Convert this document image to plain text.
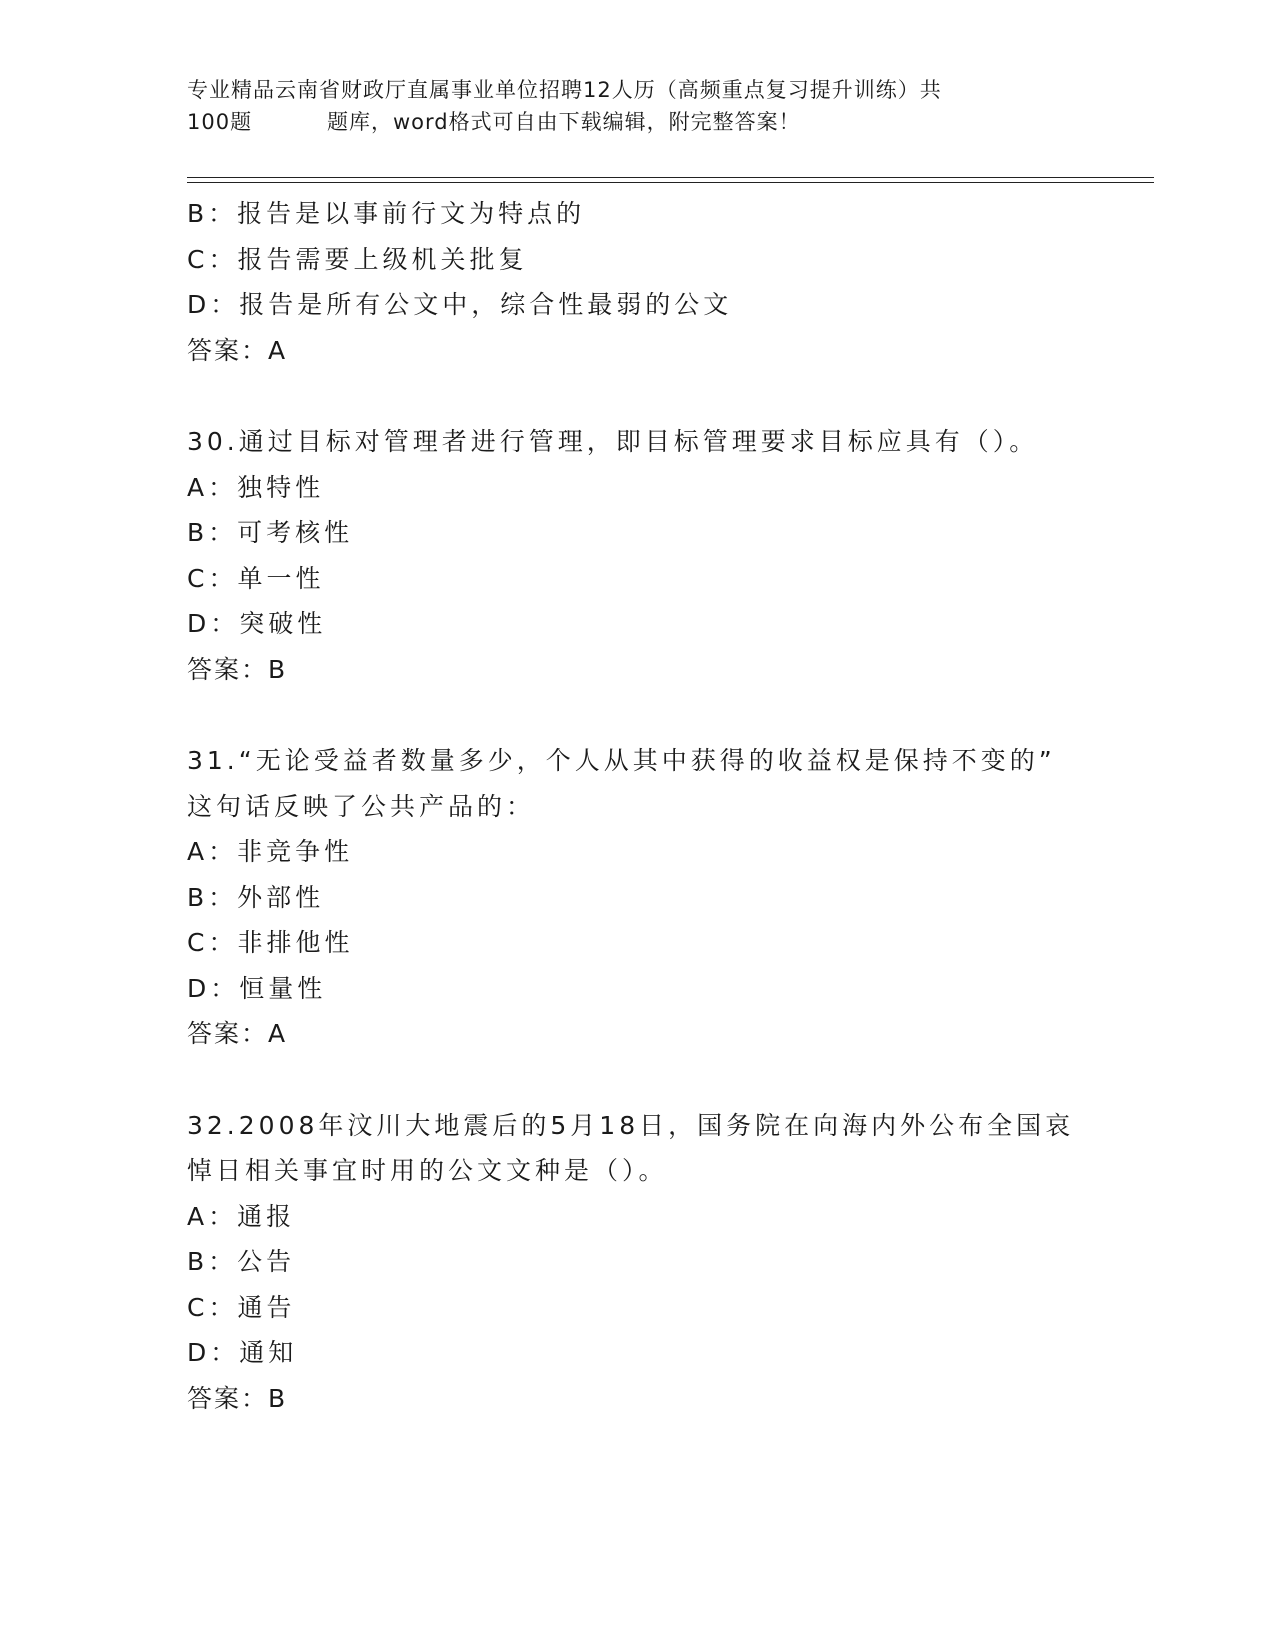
专业精品云南省财政厅直属事业单位招聘12人历（高频重点复习提升训练）共
100题	题库，word格式可自由下载编辑，附完整答案！
B：报告是以事前行文为特点的
C：报告需要上级机关批复
D：报告是所有公文中，综合性最弱的公文
答案：A
30.通过目标对管理者进行管理，即目标管理要求目标应具有（）。
A：独特性
B：可考核性
C：单一性
D：突破性
答案：B
31.“无论受益者数量多少，个人从其中获得的收益权是保持不变的”
这句话反映了公共产品的：
A：非竞争性
B：外部性
C：非排他性
D：恒量性
答案：A
32.2008年汶川大地震后的5月18日，国务院在向海内外公布全国哀
悼日相关事宜时用的公文文种是（）。
A：通报
B：公告
C：通告
D：通知
答案：B
